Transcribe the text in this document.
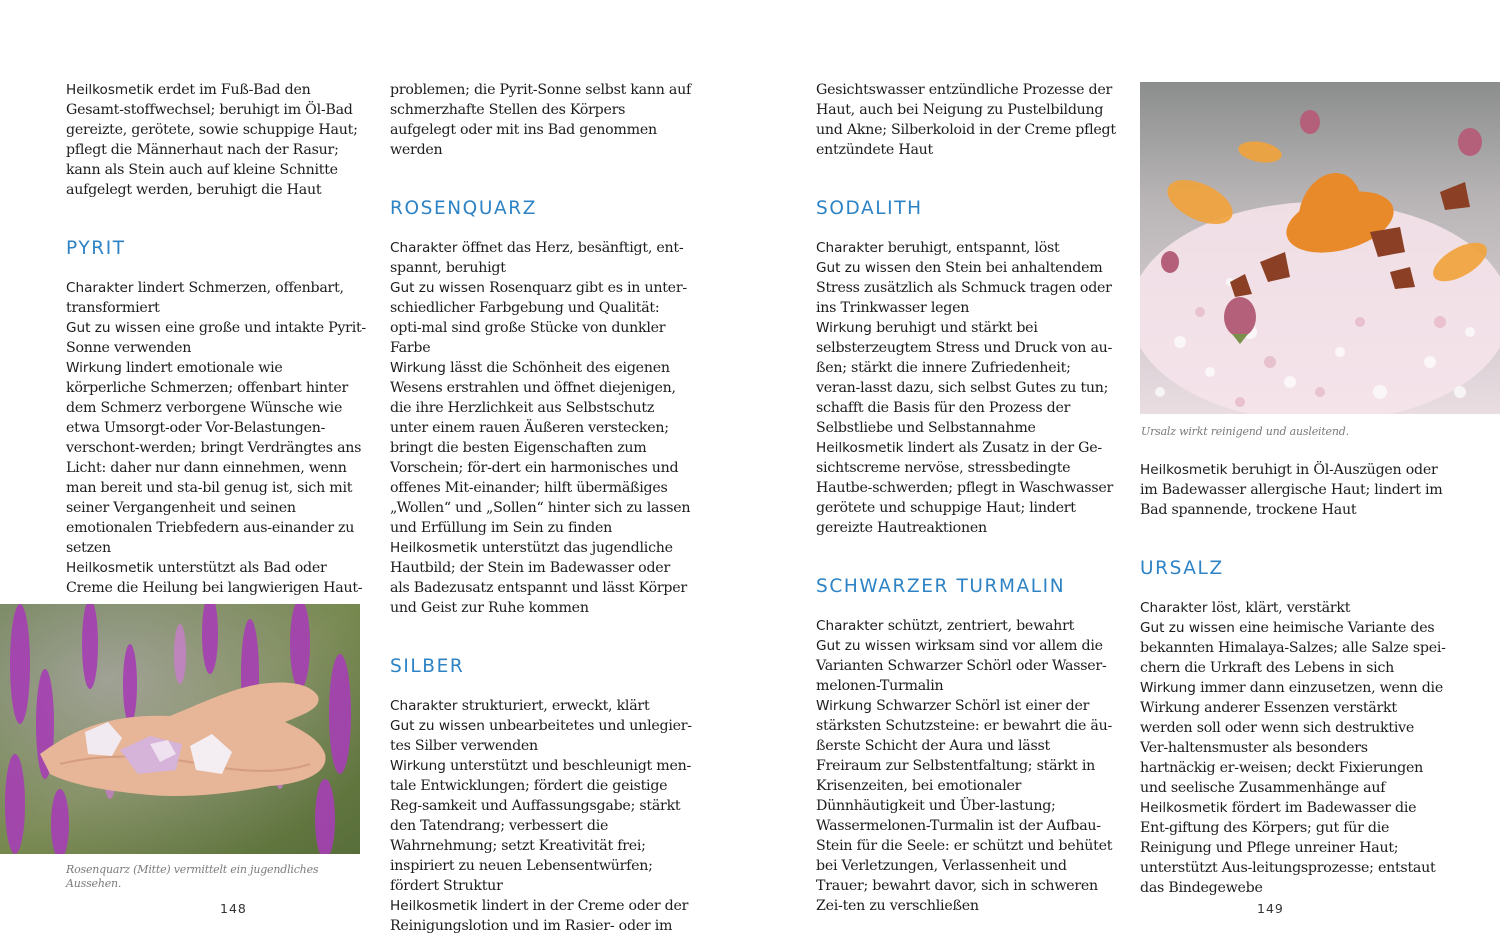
Heilkosmetik erdet im Fuß-Bad den Gesamt-stoffwechsel; beruhigt im Öl-Bad gereizte, gerötete, sowie schuppige Haut; pflegt die Männerhaut nach der Rasur; kann als Stein auch auf kleine Schnitte aufgelegt werden, beruhigt die Haut

PYRIT

Charakter lindert Schmerzen, offenbart, transformiert

Gut zu wissen eine große und intakte Pyrit-Sonne verwenden

Wirkung lindert emotionale wie körperliche Schmerzen; offenbart hinter dem Schmerz verborgene Wünsche wie etwa Umsorgt-oder Vor-Belastungen-verschont-werden; bringt Verdrängtes ans Licht: daher nur dann einnehmen, wenn man bereit und sta-bil genug ist, sich mit seiner Vergangenheit und seinen emotionalen Triebfedern aus-einander zu setzen

Heilkosmetik unterstützt als Bad oder Creme die Heilung bei langwierigen Haut-

Rosenquarz (Mitte) vermittelt ein jugendliches Aussehen.

problemen; die Pyrit-Sonne selbst kann auf schmerzhafte Stellen des Körpers aufgelegt oder mit ins Bad genommen werden

ROSENQUARZ

Charakter öffnet das Herz, besänftigt, ent-spannt, beruhigt

Gut zu wissen Rosenquarz gibt es in unter-schiedlicher Farbgebung und Qualität: opti-mal sind große Stücke von dunkler Farbe

Wirkung lässt die Schönheit des eigenen Wesens erstrahlen und öffnet diejenigen, die ihre Herzlichkeit aus Selbstschutz unter einem rauen Äußeren verstecken; bringt die besten Eigenschaften zum Vorschein; för-dert ein harmonisches und offenes Mit-einander; hilft übermäßiges „Wollen“ und „Sollen“ hinter sich zu lassen und Erfüllung im Sein zu finden

Heilkosmetik unterstützt das jugendliche Hautbild; der Stein im Badewasser oder als Badezusatz entspannt und lässt Körper und Geist zur Ruhe kommen

SILBER

Charakter strukturiert, erweckt, klärt

Gut zu wissen unbearbeitetes und unlegier-tes Silber verwenden

Wirkung unterstützt und beschleunigt men-tale Entwicklungen; fördert die geistige Reg-samkeit und Auffassungsgabe; stärkt den Tatendrang; verbessert die Wahrnehmung; setzt Kreativität frei; inspiriert zu neuen Lebensentwürfen; fördert Struktur

Heilkosmetik lindert in der Creme oder der Reinigungslotion und im Rasier- oder im

148

Gesichtswasser entzündliche Prozesse der Haut, auch bei Neigung zu Pustelbildung und Akne; Silberkoloid in der Creme pflegt entzündete Haut

SODALITH

Charakter beruhigt, entspannt, löst

Gut zu wissen den Stein bei anhaltendem Stress zusätzlich als Schmuck tragen oder ins Trinkwasser legen

Wirkung beruhigt und stärkt bei selbsterzeugtem Stress und Druck von au-ßen; stärkt die innere Zufriedenheit; veran-lasst dazu, sich selbst Gutes zu tun; schafft die Basis für den Prozess der Selbstliebe und Selbstannahme

Heilkosmetik lindert als Zusatz in der Ge-sichtscreme nervöse, stressbedingte Hautbe-schwerden; pflegt in Waschwasser gerötete und schuppige Haut; lindert gereizte Hautreaktionen

SCHWARZER TURMALIN

Charakter schützt, zentriert, bewahrt

Gut zu wissen wirksam sind vor allem die Varianten Schwarzer Schörl oder Wasser-melonen-Turmalin

Wirkung Schwarzer Schörl ist einer der stärksten Schutzsteine: er bewahrt die äu-ßerste Schicht der Aura und lässt Freiraum zur Selbstentfaltung; stärkt in Krisenzeiten, bei emotionaler Dünnhäutigkeit und Über-lastung; Wassermelonen-Turmalin ist der Aufbau-Stein für die Seele: er schützt und behütet bei Verletzungen, Verlassenheit und Trauer; bewahrt davor, sich in schweren Zei-ten zu verschließen

Ursalz wirkt reinigend und ausleitend.

Heilkosmetik beruhigt in Öl-Auszügen oder im Badewasser allergische Haut; lindert im Bad spannende, trockene Haut

URSALZ

Charakter löst, klärt, verstärkt

Gut zu wissen eine heimische Variante des bekannten Himalaya-Salzes; alle Salze spei-chern die Urkraft des Lebens in sich

Wirkung immer dann einzusetzen, wenn die Wirkung anderer Essenzen verstärkt werden soll oder wenn sich destruktive Ver-haltensmuster als besonders hartnäckig er-weisen; deckt Fixierungen und seelische Zusammenhänge auf

Heilkosmetik fördert im Badewasser die Ent-giftung des Körpers; gut für die Reinigung und Pflege unreiner Haut; unterstützt Aus-leitungsprozesse; entstaut das Bindegewebe

149
